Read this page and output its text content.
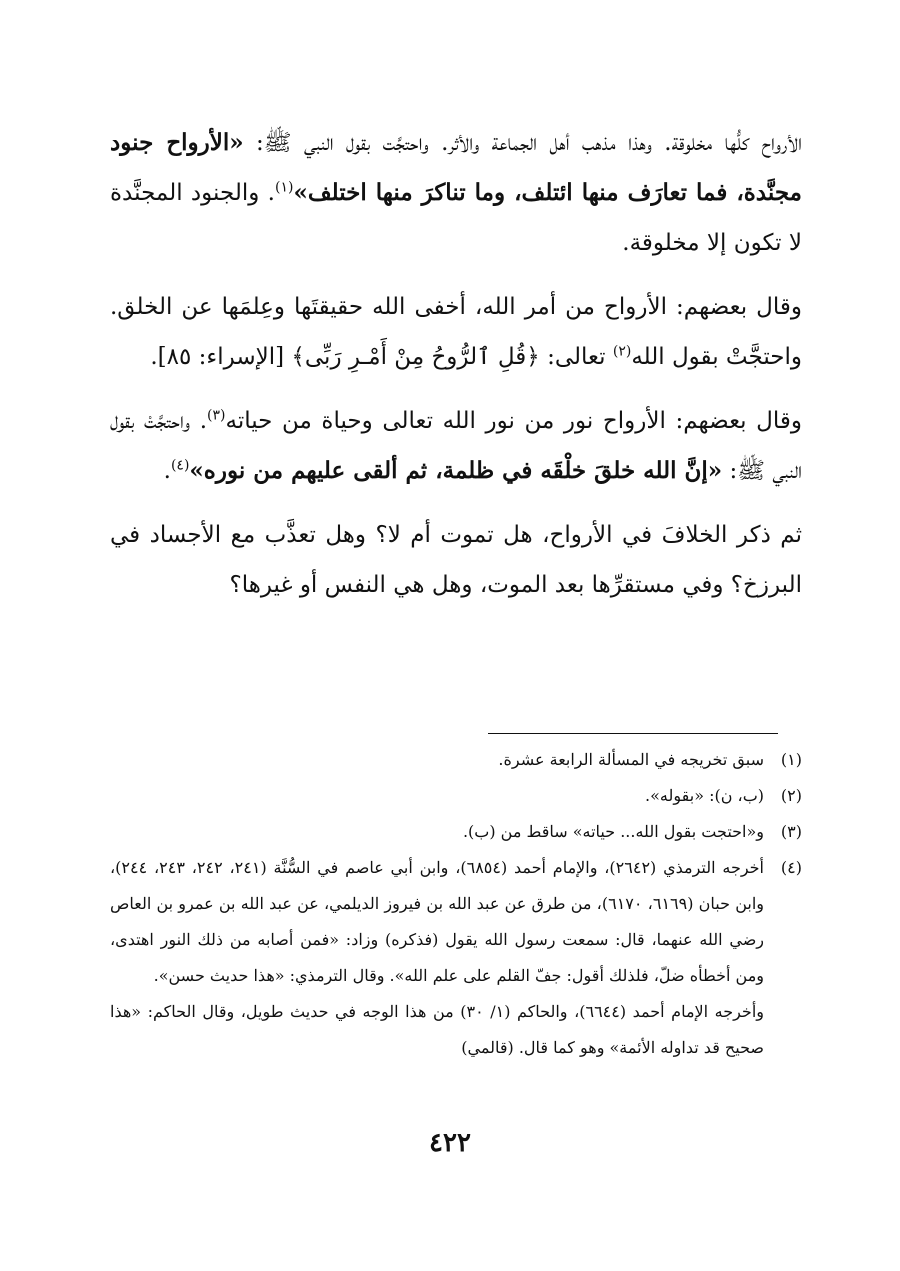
الأرواح كلُّها مخلوقة. وهذا مذهب أهل الجماعة والأثر. واحتجَّت بقول النبي ﷺ: «الأرواح جنود مجنَّدة، فما تعارَف منها ائتلف، وما تناكرَ منها اختلف»$^{(١)}$. والجنود المجنَّدة لا تكون إلا مخلوقة.

وقال بعضهم: الأرواح من أمر الله، أخفى الله حقيقتَها وعِلمَها عن الخلق. واحتجَّتْ بقول الله$^{(٢)}$ تعالى: ﴿قُلِ ٱلرُّوحُ مِنْ أَمْـرِ رَبِّى﴾ [الإسراء: ٨٥].

وقال بعضهم: الأرواح نور من نور الله تعالى وحياة من حياته$^{(٣)}$. واحتجَّتْ بقول النبي ﷺ: «إنَّ الله خلقَ خلْقَه في ظلمة، ثم ألقى عليهم من نوره»$^{(٤)}$.

ثم ذكر الخلافَ في الأرواح، هل تموت أم لا؟ وهل تعذَّب مع الأجساد في البرزخ؟ وفي مستقرِّها بعد الموت، وهل هي النفس أو غيرها؟

(١)
سبق تخريجه في المسألة الرابعة عشرة.
(٢)
(ب، ن): «بقوله».
(٣)
و«احتجت بقول الله... حياته» ساقط من (ب).
(٤)
أخرجه الترمذي (٢٦٤٢)، والإمام أحمد (٦٨٥٤)، وابن أبي عاصم في السُّنَّة (٢٤١، ٢٤٢، ٢٤٣، ٢٤٤)، وابن حبان (٦١٦٩، ٦١٧٠)، من طرق عن عبد الله بن فيروز الديلمي، عن عبد الله بن عمرو بن العاص رضي الله عنهما، قال: سمعت رسول الله يقول (فذكره) وزاد: «فمن أصابه من ذلك النور اهتدى، ومن أخطأه ضلّ، فلذلك أقول: جفّ القلم على علم الله». وقال الترمذي: «هذا حديث حسن».
وأخرجه الإمام أحمد (٦٦٤٤)، والحاكم (١/ ٣٠) من هذا الوجه في حديث طويل، وقال الحاكم: «هذا صحيح قد تداوله الأئمة» وهو كما قال. (قالمي)
٤٢٢
